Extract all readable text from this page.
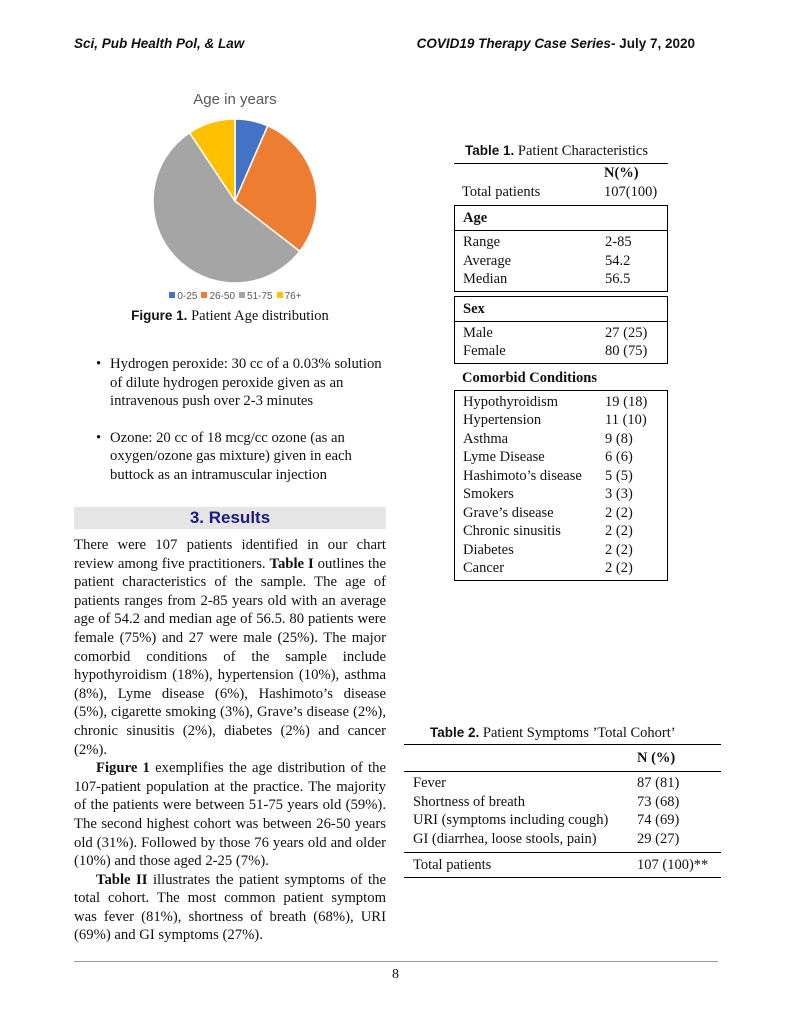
Sci, Pub Health Pol, & Law	COVID19 Therapy Case Series- July 7, 2020
Age in years
0-25 26-50 51-75 76+
Figure 1. Patient Age distribution
• Hydrogen peroxide: 30 cc of a 0.03% solution of dilute hydrogen peroxide given as an intravenous push over 2-3 minutes
• Ozone: 20 cc of 18 mcg/cc ozone (as an oxygen/ozone gas mixture) given in each buttock as an intramuscular injection
3. Results

There were 107 patients identified in our chart review among five practitioners. Table I outlines the patient characteristics of the sample. The age of patients ranges from 2-85 years old with an average age of 54.2 and median age of 56.5. 80 patients were female (75%) and 27 were male (25%). The major comorbid conditions of the sample include hypothyroidism (18%), hypertension (10%), asthma (8%), Lyme disease (6%), Hashimoto’s disease (5%), cigarette smoking (3%), Grave’s disease (2%), chronic sinusitis (2%), diabetes (2%) and cancer (2%).

Figure 1 exemplifies the age distribution of the 107-patient population at the practice. The majority of the patients were between 51-75 years old (59%). The second highest cohort was between 26-50 years old (31%). Followed by those 76 years old and older (10%) and those aged 2-25 (7%).

Table II illustrates the patient symptoms of the total cohort. The most common patient symptom was fever (81%), shortness of breath (68%), URI (69%) and GI symptoms (27%).

Table 1. Patient Characteristics
N(%)
Total patients	107(100)
Age
Range	2-85
Average	54.2
Median	56.5
Sex
Male	27 (25)
Female	80 (75)
Comorbid Conditions
Hypothyroidism	19 (18)
Hypertension	11 (10)
Asthma	9 (8)
Lyme Disease	6 (6)
Hashimoto’s disease 5 (5)
Smokers	3 (3)
Grave’s disease	2 (2)
Chronic sinusitis	2 (2)
Diabetes	2 (2)
Cancer	2 (2)
Table 2. Patient Symptoms ’Total Cohort’
N (%)
Fever	87 (81)
Shortness of breath	73 (68)
URI (symptoms including cough) 74 (69)
GI (diarrhea, loose stools, pain)	29 (27)
Total patients	107 (100)**
8
